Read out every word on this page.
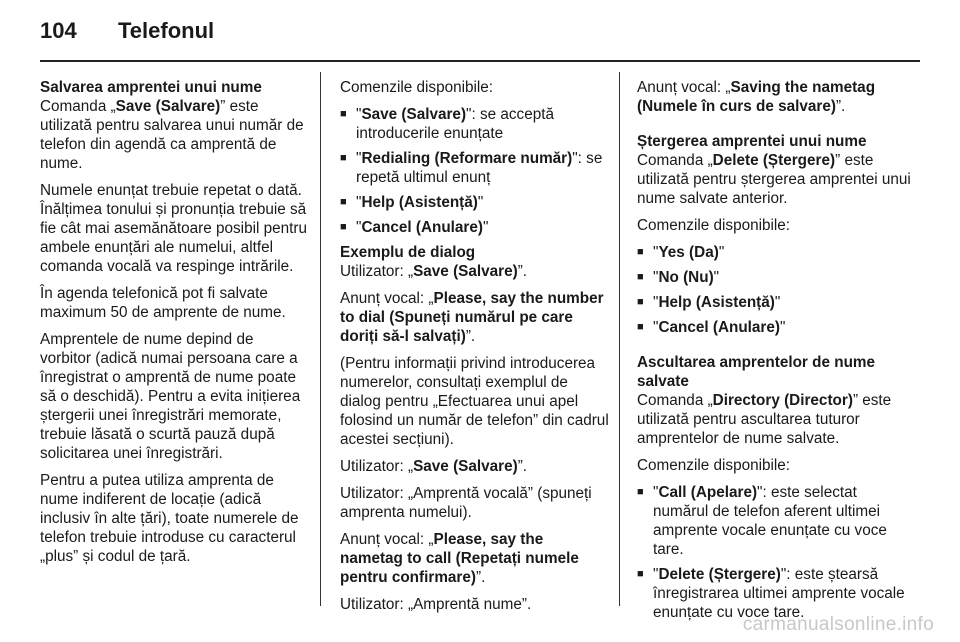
104 Telefonul

Salvarea amprentei unui nume

Comanda „Save (Salvare)” este utilizată pentru salvarea unui număr de telefon din agendă ca amprentă de nume.

Numele enunțat trebuie repetat o dată. Înălțimea tonului și pronunția trebuie să fie cât mai asemănătoare posibil pentru ambele enunțări ale numelui, altfel comanda vocală va respinge intrările.

În agenda telefonică pot fi salvate maximum 50 de amprente de nume.

Amprentele de nume depind de vorbitor (adică numai persoana care a înregistrat o amprentă de nume poate să o deschidă). Pentru a evita inițierea ștergerii unei înregistrări memorate, trebuie lăsată o scurtă pauză după solicitarea unei înregistrări.

Pentru a putea utiliza amprenta de nume indiferent de locație (adică inclusiv în alte țări), toate numerele de telefon trebuie introduse cu caracterul „plus” și codul de țară.

Comenzile disponibile:

■ "Save (Salvare)": se acceptă introducerile enunțate
■ "Redialing (Reformare număr)": se repetă ultimul enunț
■ "Help (Asistență)"
■ "Cancel (Anulare)"

Exemplu de dialog

Utilizator: „Save (Salvare)”.

Anunț vocal: „Please, say the number to dial (Spuneți numărul pe care doriți să-l salvați)”.

(Pentru informații privind introducerea numerelor, consultați exemplul de dialog pentru „Efectuarea unui apel folosind un număr de telefon” din cadrul acestei secțiuni).

Utilizator: „Save (Salvare)”.

Utilizator: „Amprentă vocală” (spuneți amprenta numelui).

Anunț vocal: „Please, say the nametag to call (Repetați numele pentru confirmare)”.

Utilizator: „Amprentă nume”.

Anunț vocal: „Saving the nametag (Numele în curs de salvare)”.

Ștergerea amprentei unui nume

Comanda „Delete (Ștergere)” este utilizată pentru ștergerea amprentei unui nume salvate anterior.

Comenzile disponibile:

■ "Yes (Da)"
■ "No (Nu)"
■ "Help (Asistență)"
■ "Cancel (Anulare)"

Ascultarea amprentelor de nume salvate

Comanda „Directory (Director)” este utilizată pentru ascultarea tuturor amprentelor de nume salvate.

Comenzile disponibile:

■ "Call (Apelare)": este selectat numărul de telefon aferent ultimei amprente vocale enunțate cu voce tare.
■ "Delete (Ștergere)": este ștearsă înregistrarea ultimei amprente vocale enunțate cu voce tare.
carmanualsonline.info
